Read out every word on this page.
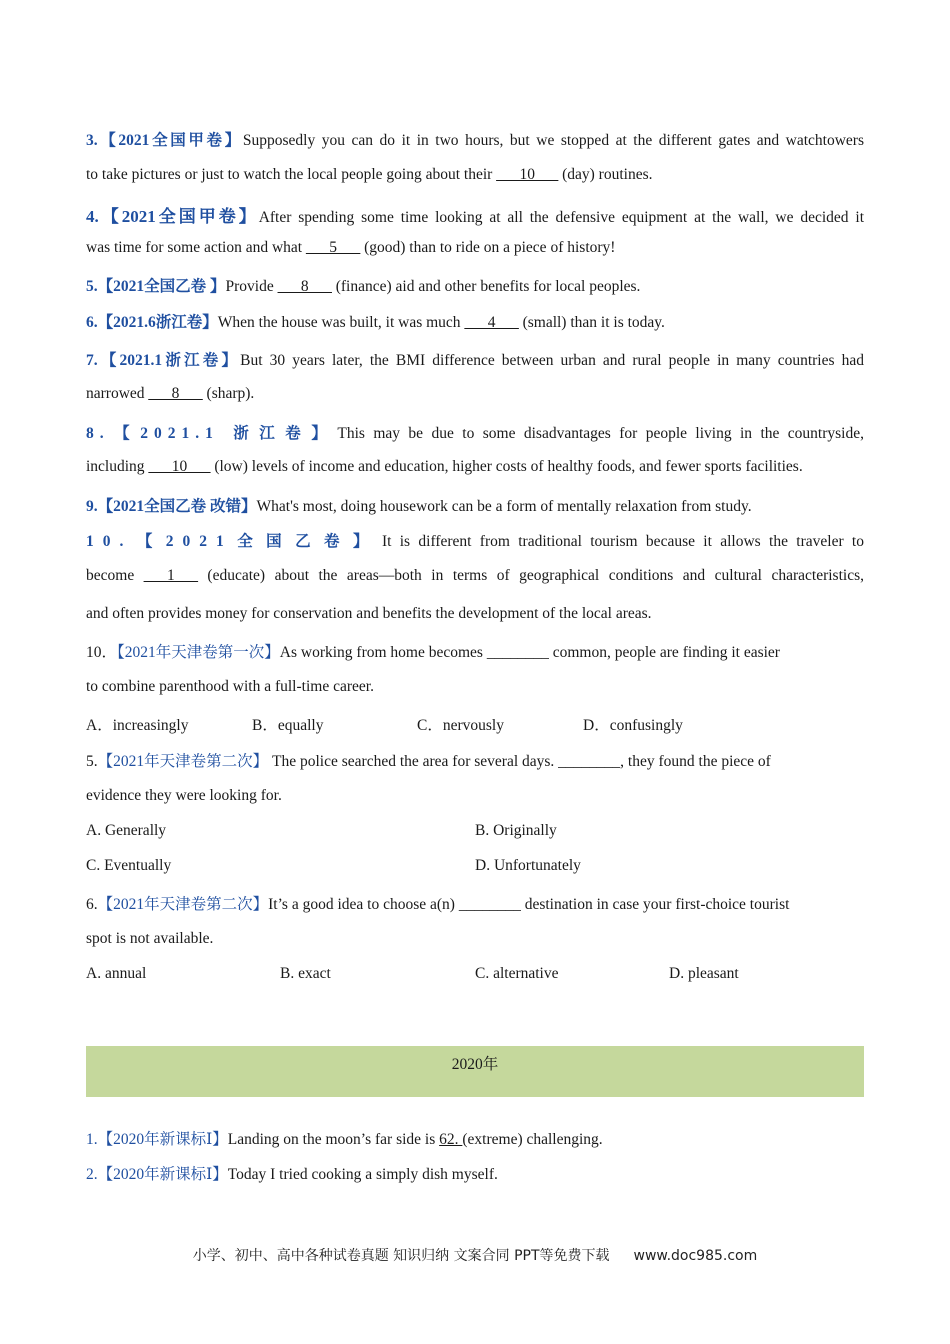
3.【2021全国甲卷】Supposedly you can do it in two hours, but we stopped at the different gates and watchtowers
to take pictures or just to watch the local people going about their ___10___ (day) routines.
4.【2021全国甲卷】After spending some time looking at all the defensive equipment at the wall, we decided it
was time for some action and what ___5___ (good) than to ride on a piece of history!
5.【2021全国乙卷 】Provide ___8___ (finance) aid and other benefits for local peoples.
6.【2021.6浙江卷】When the house was built, it was much ___4___ (small) than it is today.
7.【2021.1浙江卷】But 30 years later, the BMI difference between urban and rural people in many countries had
narrowed ___8___ (sharp).
8.【2021.1 浙江卷】This may be due to some disadvantages for people living in the countryside,
including ___10___ (low) levels of income and education, higher costs of healthy foods, and fewer sports facilities.
9.【2021全国乙卷 改错】What's most, doing housework can be a form of mentally relaxation from study.
10.【2021全国乙卷】It is different from traditional tourism because it allows the traveler to
become ___1___ (educate) about the areas—both in terms of geographical conditions and cultural characteristics,
and often provides money for conservation and benefits the development of the local areas.
10．【2021年天津卷第一次】As working from home becomes ________ common, people are finding it easier
to combine parenthood with a full-time career.
A．increasingly	B．equally	C．nervously	D．confusingly
5.【2021年天津卷第二次】 The police searched the area for several days. ________, they found the piece of
evidence they were looking for.
A. Generally	B. Originally
C. Eventually	D. Unfortunately
6.【2021年天津卷第二次】It’s a good idea to choose a(n) ________ destination in case your first-choice tourist
spot is not available.
A. annual	B. exact	C. alternative	D. pleasant
2020年
1.【2020年新课标Ⅰ】Landing on the moon’s far side is 62. (extreme) challenging.
2.【2020年新课标Ⅰ】Today I tried cooking a simply dish myself.
小学、初中、高中各种试卷真题 知识归纳 文案合同 PPT等免费下载 www.doc985.com
